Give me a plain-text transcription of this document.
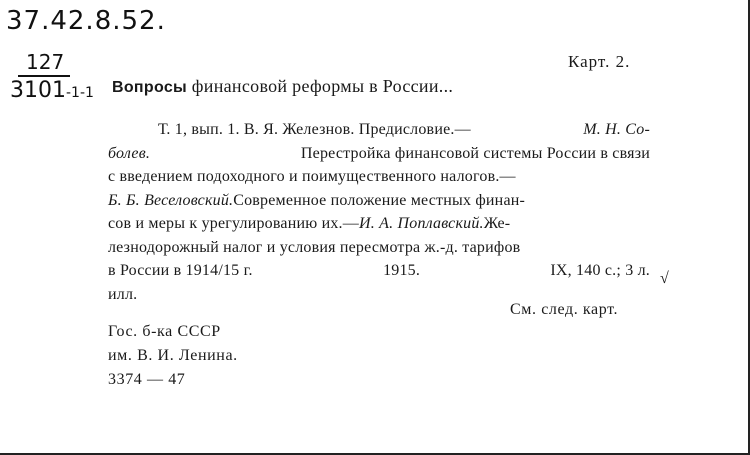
37.42.8.52.
127
3101-1-1
Карт. 2.
Вопросы финансовой реформы в России...
Т. 1, вып. 1. В. Я. Железнов. Предисловие.—	М. Н. Со-
болев.	Перестройка финансовой системы России в связи
с введением подоходного и поимущественного налогов.—
Б. Б. Веселовский. Современное положение местных финан-
сов и меры к урегулированию их.— И. А. Поплавский. Же-
лезнодорожный налог и условия пересмотра ж.-д. тарифов
в России в 1914/15 г.	1915.	IX, 140 с.; 3 л.
илл.
√
См. след. карт.
Гос. б-ка СССР
им. В. И. Ленина.
3374 — 47
